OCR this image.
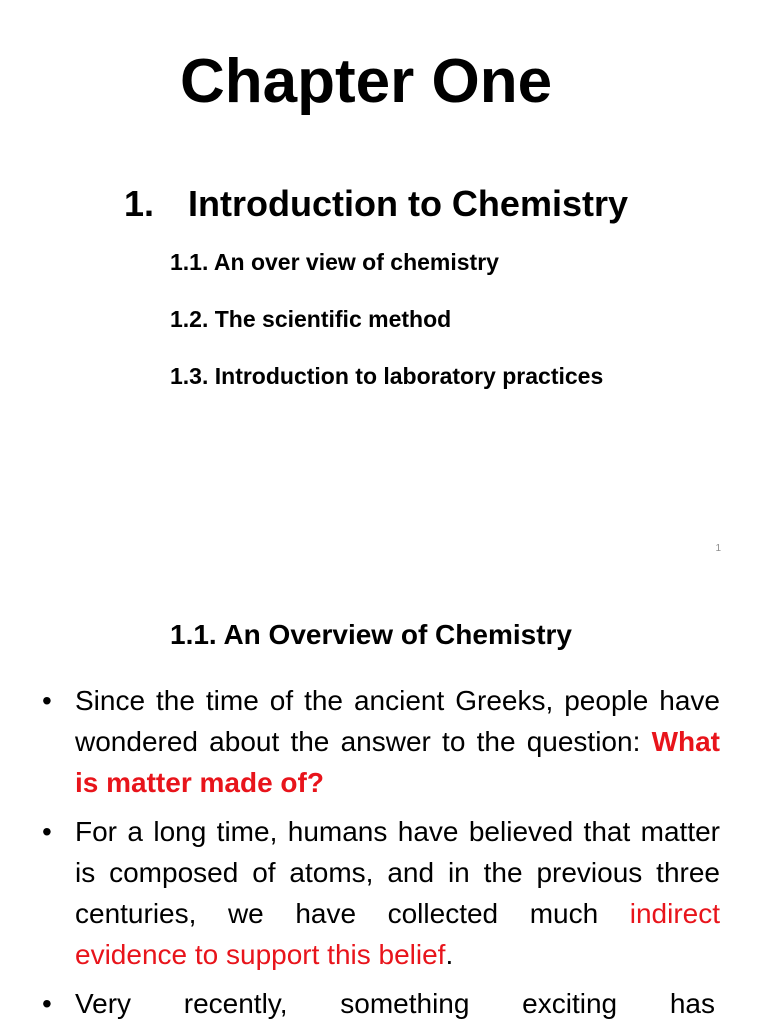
Chapter One
1. Introduction to Chemistry
1.1. An over view of chemistry
1.2. The scientific method
1.3. Introduction to laboratory practices
1
1.1. An Overview of Chemistry
• Since the time of the ancient Greeks, people have wondered about the answer to the question: What is matter made of?
• For a long time, humans have believed that matter is composed of atoms, and in the previous three centuries, we have collected much indirect evidence to support this belief.
• Very recently, something exciting has
